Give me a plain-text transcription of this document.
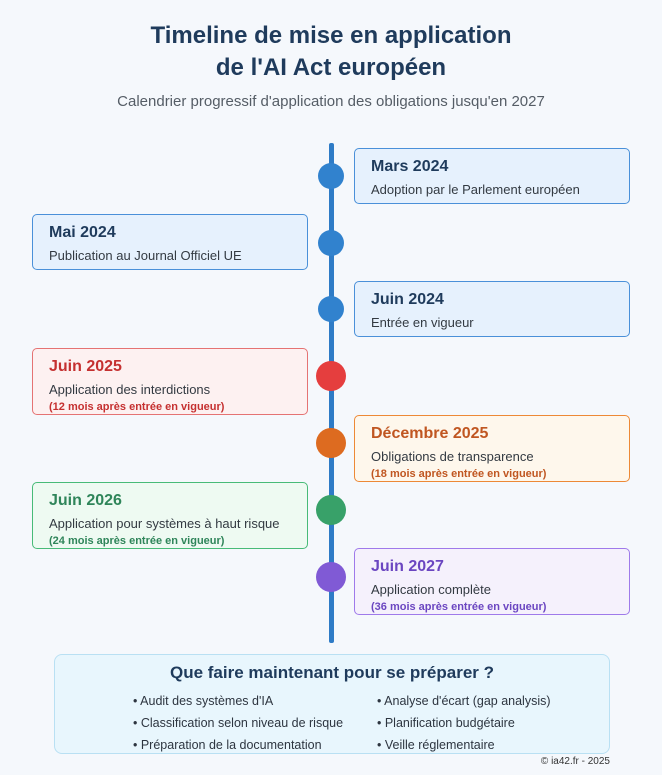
Timeline de mise en application
de l'AI Act européen
Calendrier progressif d'application des obligations jusqu'en 2027
Mars 2024
Adoption par le Parlement européen
Mai 2024
Publication au Journal Officiel UE
Juin 2024
Entrée en vigueur
Juin 2025
Application des interdictions
(12 mois après entrée en vigueur)
Décembre 2025
Obligations de transparence
(18 mois après entrée en vigueur)
Juin 2026
Application pour systèmes à haut risque
(24 mois après entrée en vigueur)
Juin 2027
Application complète
(36 mois après entrée en vigueur)
Que faire maintenant pour se préparer ?
• Audit des systèmes d'IA
• Classification selon niveau de risque
• Préparation de la documentation
• Analyse d'écart (gap analysis)
• Planification budgétaire
• Veille réglementaire
© ia42.fr - 2025
